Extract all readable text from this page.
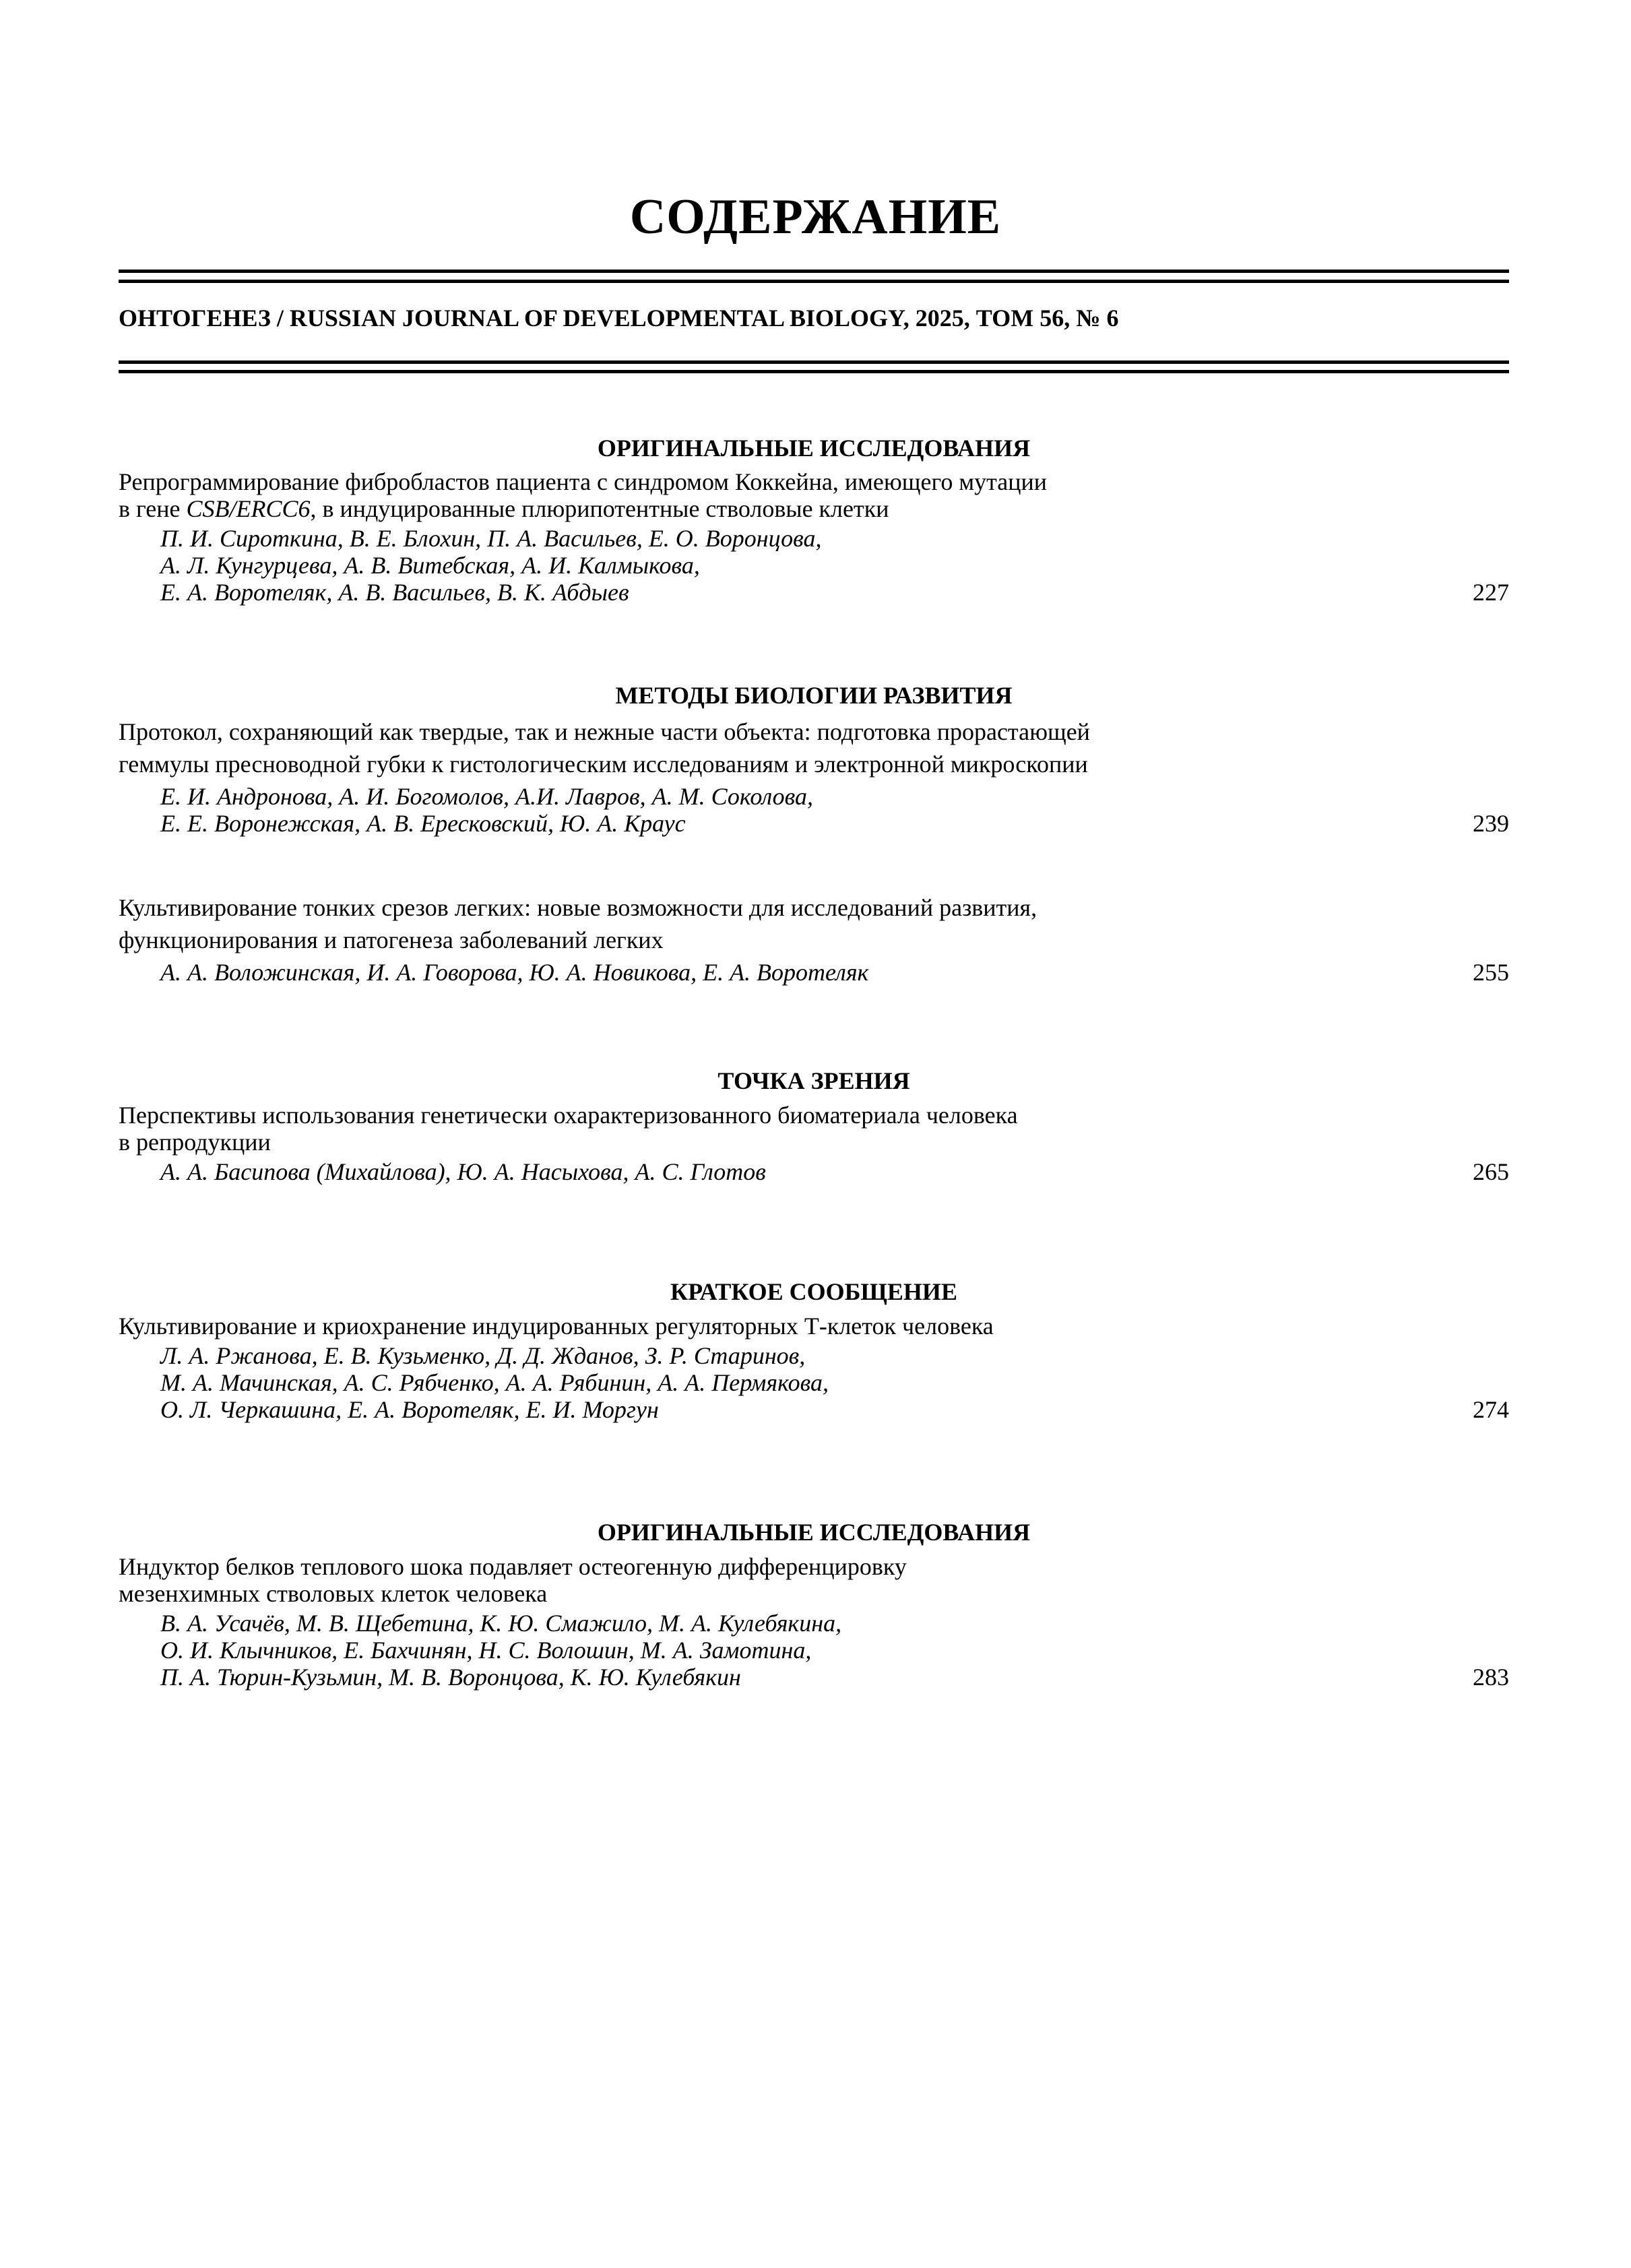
СОДЕРЖАНИЕ
ОНТОГЕНЕЗ / RUSSIAN JOURNAL OF DEVELOPMENTAL BIOLOGY, 2025, ТОМ 56, № 6
ОРИГИНАЛЬНЫЕ ИССЛЕДОВАНИЯ
Репрограммирование фибробластов пациента с синдромом Коккейна, имеющего мутации
в гене CSB/ERCC6, в индуцированные плюрипотентные стволовые клетки
П. И. Сироткина, В. Е. Блохин, П. А. Васильев, Е. О. Воронцова,
А. Л. Кунгурцева, А. В. Витебская, А. И. Калмыкова,
Е. А. Воротеляк, А. В. Васильев, В. К. Абдыев	227
МЕТОДЫ БИОЛОГИИ РАЗВИТИЯ
Протокол, сохраняющий как твердые, так и нежные части объекта: подготовка прорастающей
геммулы пресноводной губки к гистологическим исследованиям и электронной микроскопии
Е. И. Андронова, А. И. Богомолов, А.И. Лавров, А. М. Соколова,
Е. Е. Воронежская, А. В. Ересковский, Ю. А. Краус	239
Культивирование тонких срезов легких: новые возможности для исследований развития,
функционирования и патогенеза заболеваний легких
А. А. Воложинская, И. А. Говорова, Ю. А. Новикова, Е. А. Воротеляк	255
ТОЧКА ЗРЕНИЯ
Перспективы использования генетически охарактеризованного биоматериала человека
в репродукции
А. А. Басипова (Михайлова), Ю. А. Насыхова, А. С. Глотов	265
КРАТКОЕ СООБЩЕНИЕ
Культивирование и криохранение индуцированных регуляторных Т-клеток человека
Л. А. Ржанова, Е. В. Кузьменко, Д. Д. Жданов, З. Р. Старинов,
М. А. Мачинская, А. С. Рябченко, А. А. Рябинин, А. А. Пермякова,
О. Л. Черкашина, Е. А. Воротеляк, Е. И. Моргун	274
ОРИГИНАЛЬНЫЕ ИССЛЕДОВАНИЯ
Индуктор белков теплового шока подавляет остеогенную дифференцировку
мезенхимных стволовых клеток человека
В. А. Усачёв, М. В. Щебетина, К. Ю. Смажило, М. А. Кулебякина,
О. И. Клычников, Е. Бахчинян, Н. С. Волошин, М. А. Замотина,
П. А. Тюрин-Кузьмин, М. В. Воронцова, К. Ю. Кулебякин	283
